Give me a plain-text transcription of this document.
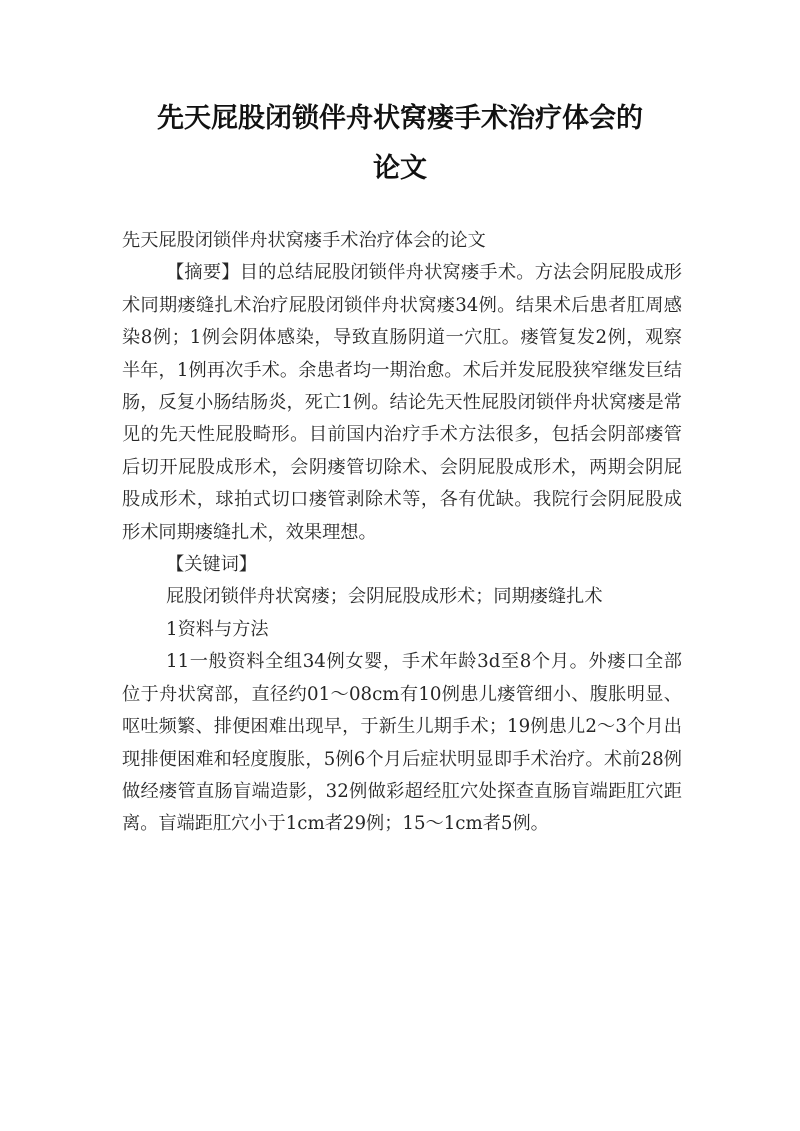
先天屁股闭锁伴舟状窝瘘手术治疗体会的
论文

先天屁股闭锁伴舟状窝瘘手术治疗体会的论文

【摘要】目的总结屁股闭锁伴舟状窝瘘手术。方法会阴屁股成形术同期瘘缝扎术治疗屁股闭锁伴舟状窝瘘34例。结果术后患者肛周感染8例；1例会阴体感染，导致直肠阴道一穴肛。瘘管复发2例，观察半年，1例再次手术。余患者均一期治愈。术后并发屁股狭窄继发巨结肠，反复小肠结肠炎，死亡1例。结论先天性屁股闭锁伴舟状窝瘘是常见的先天性屁股畸形。目前国内治疗手术方法很多，包括会阴部瘘管后切开屁股成形术，会阴瘘管切除术、会阴屁股成形术，两期会阴屁股成形术，球拍式切口瘘管剥除术等，各有优缺。我院行会阴屁股成形术同期瘘缝扎术，效果理想。

【关键词】

屁股闭锁伴舟状窝瘘；会阴屁股成形术；同期瘘缝扎术

1资料与方法

11一般资料全组34例女婴，手术年龄3d至8个月。外瘘口全部位于舟状窝部，直径约01～08cm有10例患儿瘘管细小、腹胀明显、呕吐频繁、排便困难出现早，于新生儿期手术；19例患儿2～3个月出现排便困难和轻度腹胀，5例6个月后症状明显即手术治疗。术前28例做经瘘管直肠盲端造影，32例做彩超经肛穴处探查直肠盲端距肛穴距离。盲端距肛穴小于1cm者29例；15～1cm者5例。
